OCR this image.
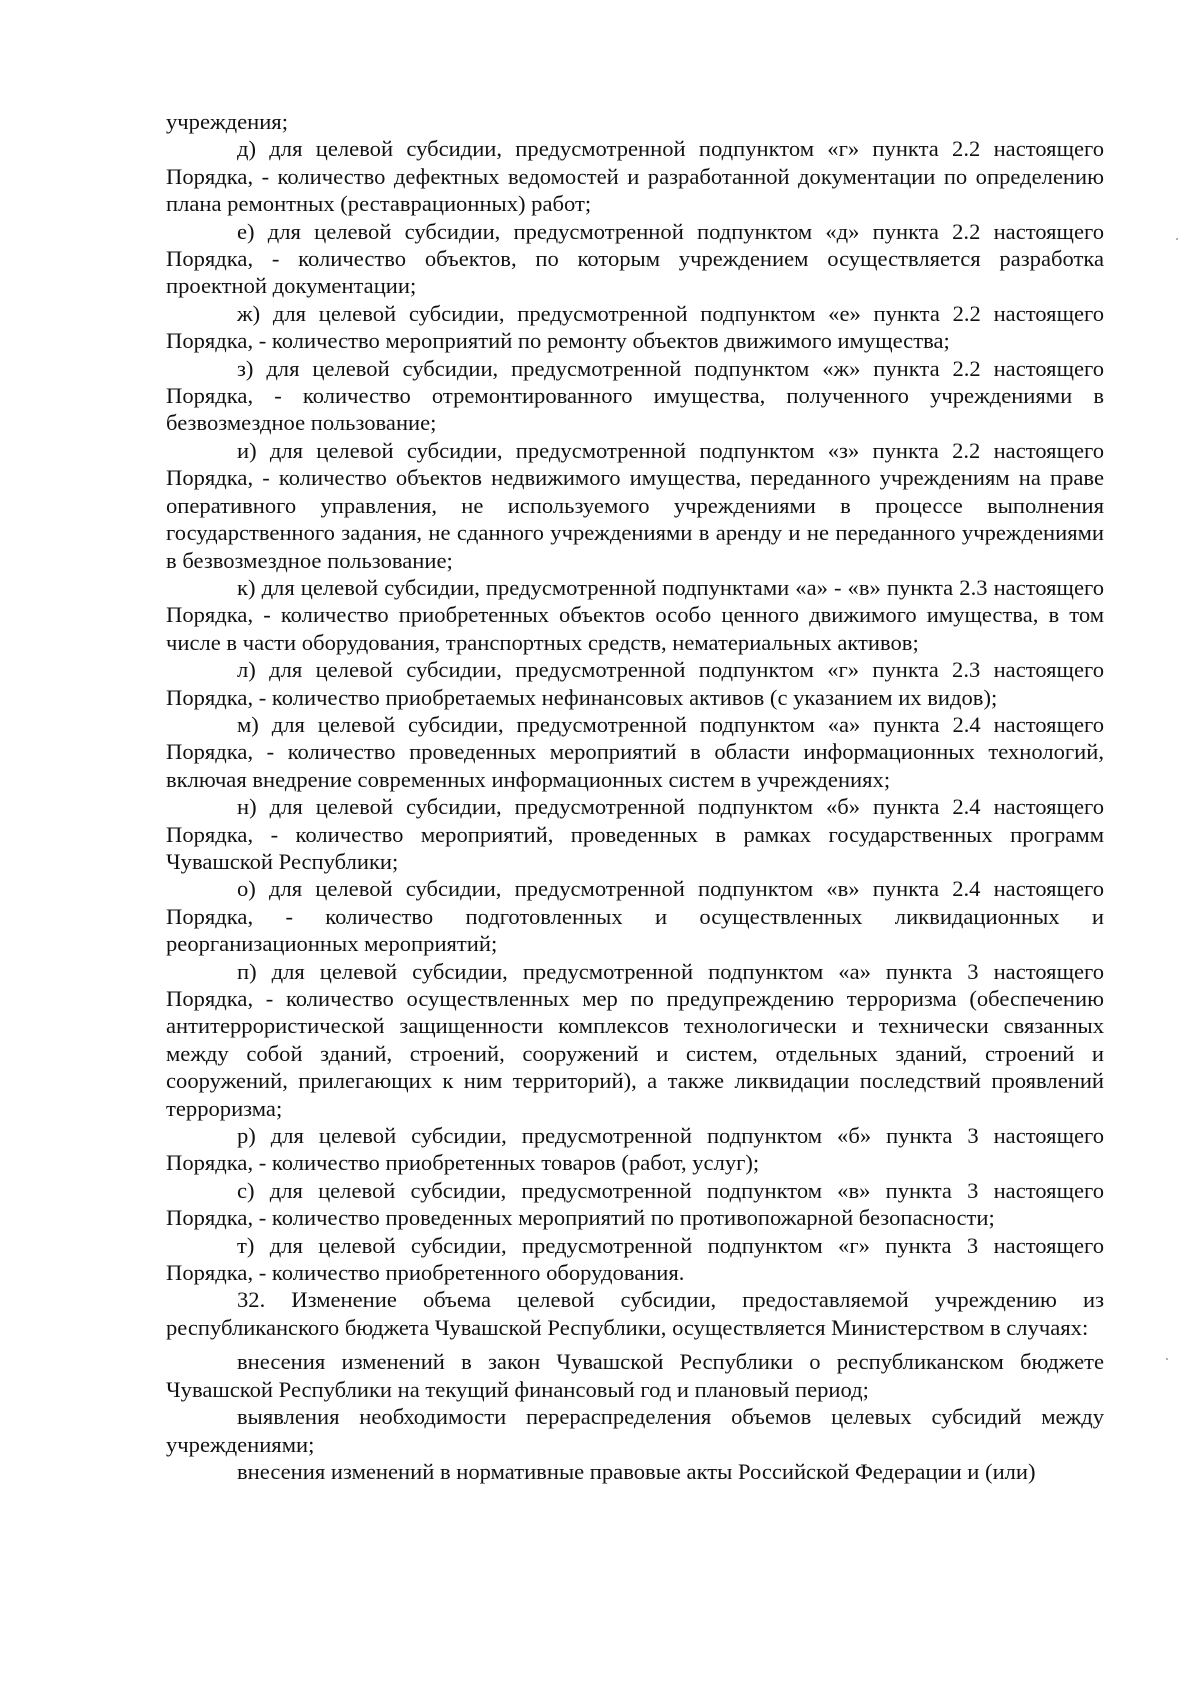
учреждения;

д) для целевой субсидии, предусмотренной подпунктом «г» пункта 2.2 настоящего Порядка, - количество дефектных ведомостей и разработанной документации по определению плана ремонтных (реставрационных) работ;

е) для целевой субсидии, предусмотренной подпунктом «д» пункта 2.2 настоящего Порядка, - количество объектов, по которым учреждением осуществляется разработка проектной документации;

ж) для целевой субсидии, предусмотренной подпунктом «е» пункта 2.2 настоящего Порядка, - количество мероприятий по ремонту объектов движимого имущества;

з) для целевой субсидии, предусмотренной подпунктом «ж» пункта 2.2 настоящего Порядка, - количество отремонтированного имущества, полученного учреждениями в безвозмездное пользование;

и) для целевой субсидии, предусмотренной подпунктом «з» пункта 2.2 настоящего Порядка, - количество объектов недвижимого имущества, переданного учреждениям на праве оперативного управления, не используемого учреждениями в процессе выполнения государственного задания, не сданного учреждениями в аренду и не переданного учреждениями в безвозмездное пользование;

к) для целевой субсидии, предусмотренной подпунктами «а» - «в» пункта 2.3 настоящего Порядка, - количество приобретенных объектов особо ценного движимого имущества, в том числе в части оборудования, транспортных средств, нематериальных активов;

л) для целевой субсидии, предусмотренной подпунктом «г» пункта 2.3 настоящего Порядка, - количество приобретаемых нефинансовых активов (с указанием их видов);

м) для целевой субсидии, предусмотренной подпунктом «а» пункта 2.4 настоящего Порядка, - количество проведенных мероприятий в области информационных технологий, включая внедрение современных информационных систем в учреждениях;

н) для целевой субсидии, предусмотренной подпунктом «б» пункта 2.4 настоящего Порядка, - количество мероприятий, проведенных в рамках государственных программ Чувашской Республики;

о) для целевой субсидии, предусмотренной подпунктом «в» пункта 2.4 настоящего Порядка, - количество подготовленных и осуществленных ликвидационных и реорганизационных мероприятий;

п) для целевой субсидии, предусмотренной подпунктом «а» пункта 3 настоящего Порядка, - количество осуществленных мер по предупреждению терроризма (обеспечению антитеррористической защищенности комплексов технологически и технически связанных между собой зданий, строений, сооружений и систем, отдельных зданий, строений и сооружений, прилегающих к ним территорий), а также ликвидации последствий проявлений терроризма;

р) для целевой субсидии, предусмотренной подпунктом «б» пункта 3 настоящего Порядка, - количество приобретенных товаров (работ, услуг);

с) для целевой субсидии, предусмотренной подпунктом «в» пункта 3 настоящего Порядка, - количество проведенных мероприятий по противопожарной безопасности;

т) для целевой субсидии, предусмотренной подпунктом «г» пункта 3 настоящего Порядка, - количество приобретенного оборудования.

32. Изменение объема целевой субсидии, предоставляемой учреждению из республиканского бюджета Чувашской Республики, осуществляется Министерством в случаях:

внесения изменений в закон Чувашской Республики о республиканском бюджете Чувашской Республики на текущий финансовый год и плановый период;

выявления необходимости перераспределения объемов целевых субсидий между учреждениями;

внесения изменений в нормативные правовые акты Российской Федерации и (или)
